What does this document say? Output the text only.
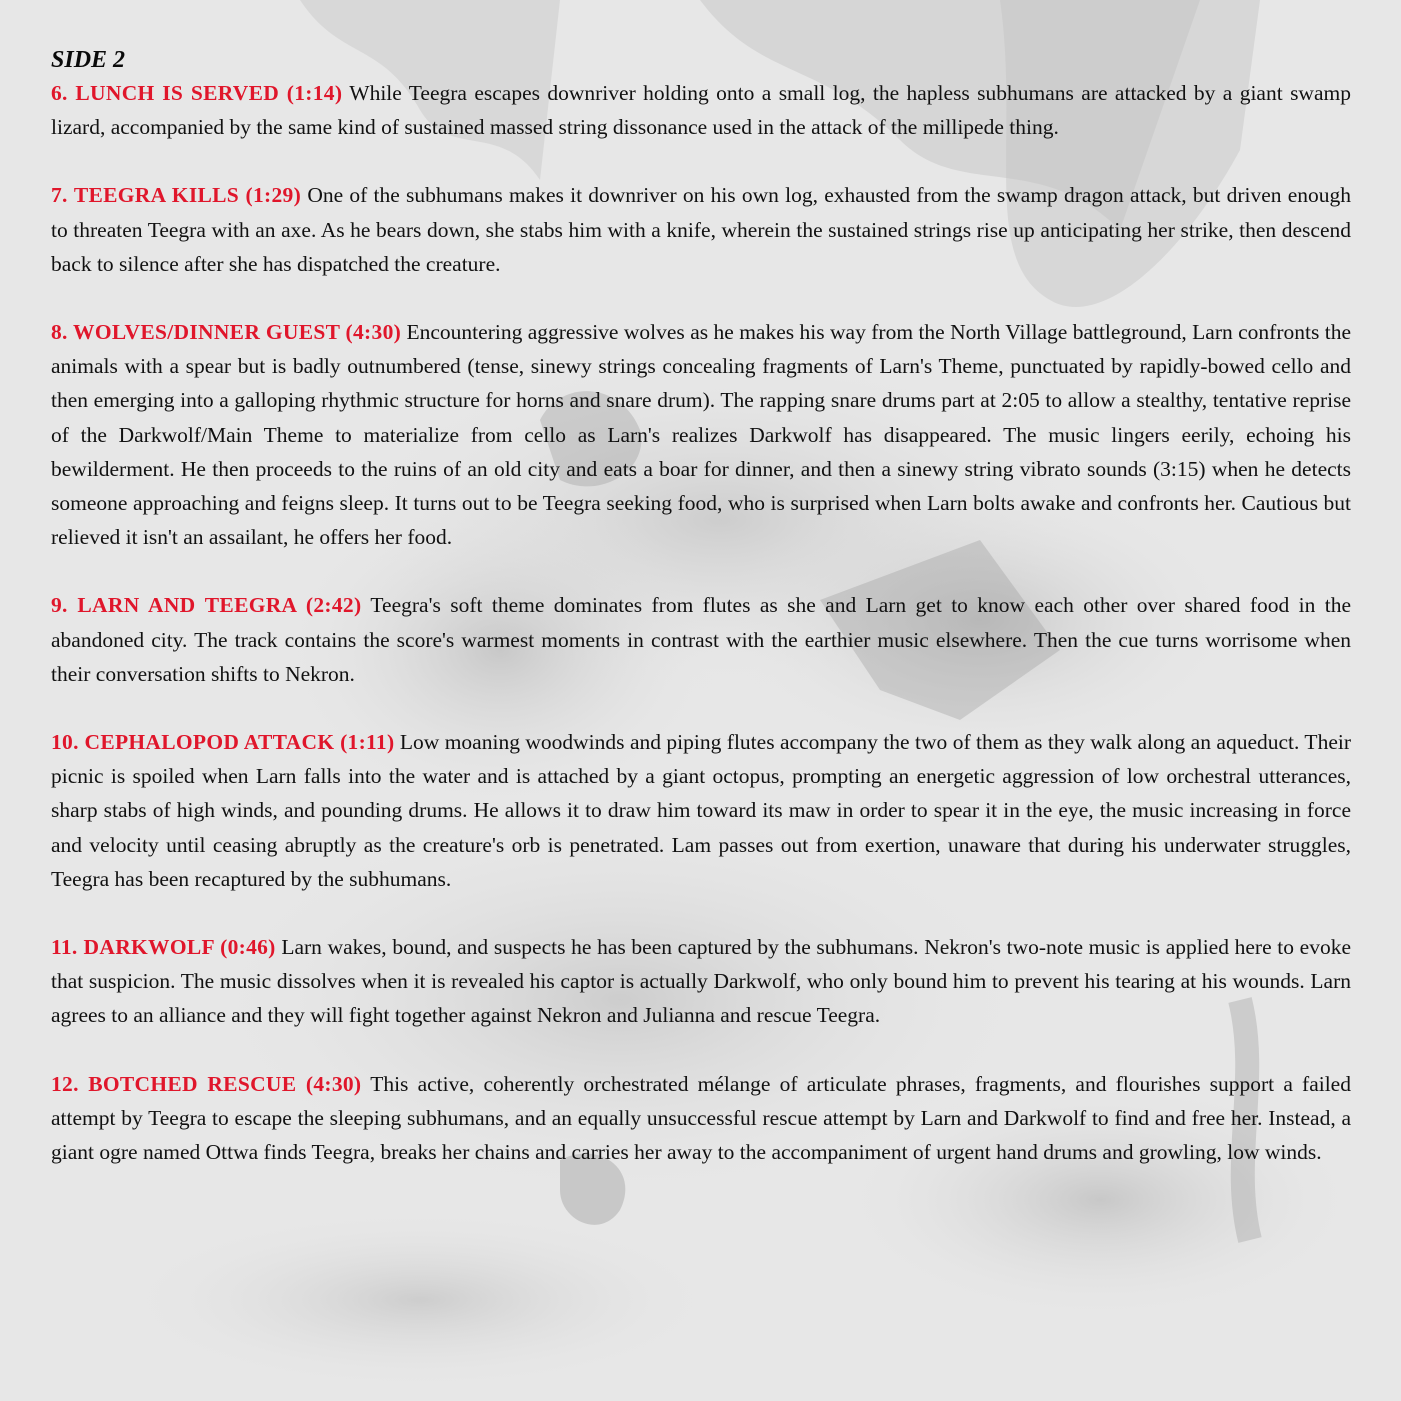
SIDE 2

6. LUNCH IS SERVED (1:14) While Teegra escapes downriver holding onto a small log, the hapless subhumans are attacked by a giant swamp lizard, accompanied by the same kind of sustained massed string dissonance used in the attack of the millipede thing.

7. TEEGRA KILLS (1:29) One of the subhumans makes it downriver on his own log, exhausted from the swamp dragon attack, but driven enough to threaten Teegra with an axe. As he bears down, she stabs him with a knife, wherein the sustained strings rise up anticipating her strike, then descend back to silence after she has dispatched the creature.

8. WOLVES/DINNER GUEST (4:30) Encountering aggressive wolves as he makes his way from the North Village battleground, Larn confronts the animals with a spear but is badly outnumbered (tense, sinewy strings concealing fragments of Larn's Theme, punctuated by rapidly-bowed cello and then emerging into a galloping rhythmic structure for horns and snare drum). The rapping snare drums part at 2:05 to allow a stealthy, tentative reprise of the Darkwolf/Main Theme to materialize from cello as Larn's realizes Darkwolf has disappeared. The music lingers eerily, echoing his bewilderment. He then proceeds to the ruins of an old city and eats a boar for dinner, and then a sinewy string vibrato sounds (3:15) when he detects someone approaching and feigns sleep. It turns out to be Teegra seeking food, who is surprised when Larn bolts awake and confronts her. Cautious but relieved it isn't an assailant, he offers her food.

9. LARN AND TEEGRA (2:42) Teegra's soft theme dominates from flutes as she and Larn get to know each other over shared food in the abandoned city. The track contains the score's warmest moments in contrast with the earthier music elsewhere. Then the cue turns worrisome when their conversation shifts to Nekron.

10. CEPHALOPOD ATTACK (1:11) Low moaning woodwinds and piping flutes accompany the two of them as they walk along an aqueduct. Their picnic is spoiled when Larn falls into the water and is attached by a giant octopus, prompting an energetic aggression of low orchestral utterances, sharp stabs of high winds, and pounding drums. He allows it to draw him toward its maw in order to spear it in the eye, the music increasing in force and velocity until ceasing abruptly as the creature's orb is penetrated. Lam passes out from exertion, unaware that during his underwater struggles, Teegra has been recaptured by the subhumans.

11. DARKWOLF (0:46) Larn wakes, bound, and suspects he has been captured by the subhumans. Nekron's two-note music is applied here to evoke that suspicion. The music dissolves when it is revealed his captor is actually Darkwolf, who only bound him to prevent his tearing at his wounds. Larn agrees to an alliance and they will fight together against Nekron and Julianna and rescue Teegra.

12. BOTCHED RESCUE (4:30) This active, coherently orchestrated mélange of articulate phrases, fragments, and flourishes support a failed attempt by Teegra to escape the sleeping subhumans, and an equally unsuccessful rescue attempt by Larn and Darkwolf to find and free her. Instead, a giant ogre named Ottwa finds Teegra, breaks her chains and carries her away to the accompaniment of urgent hand drums and growling, low winds.
